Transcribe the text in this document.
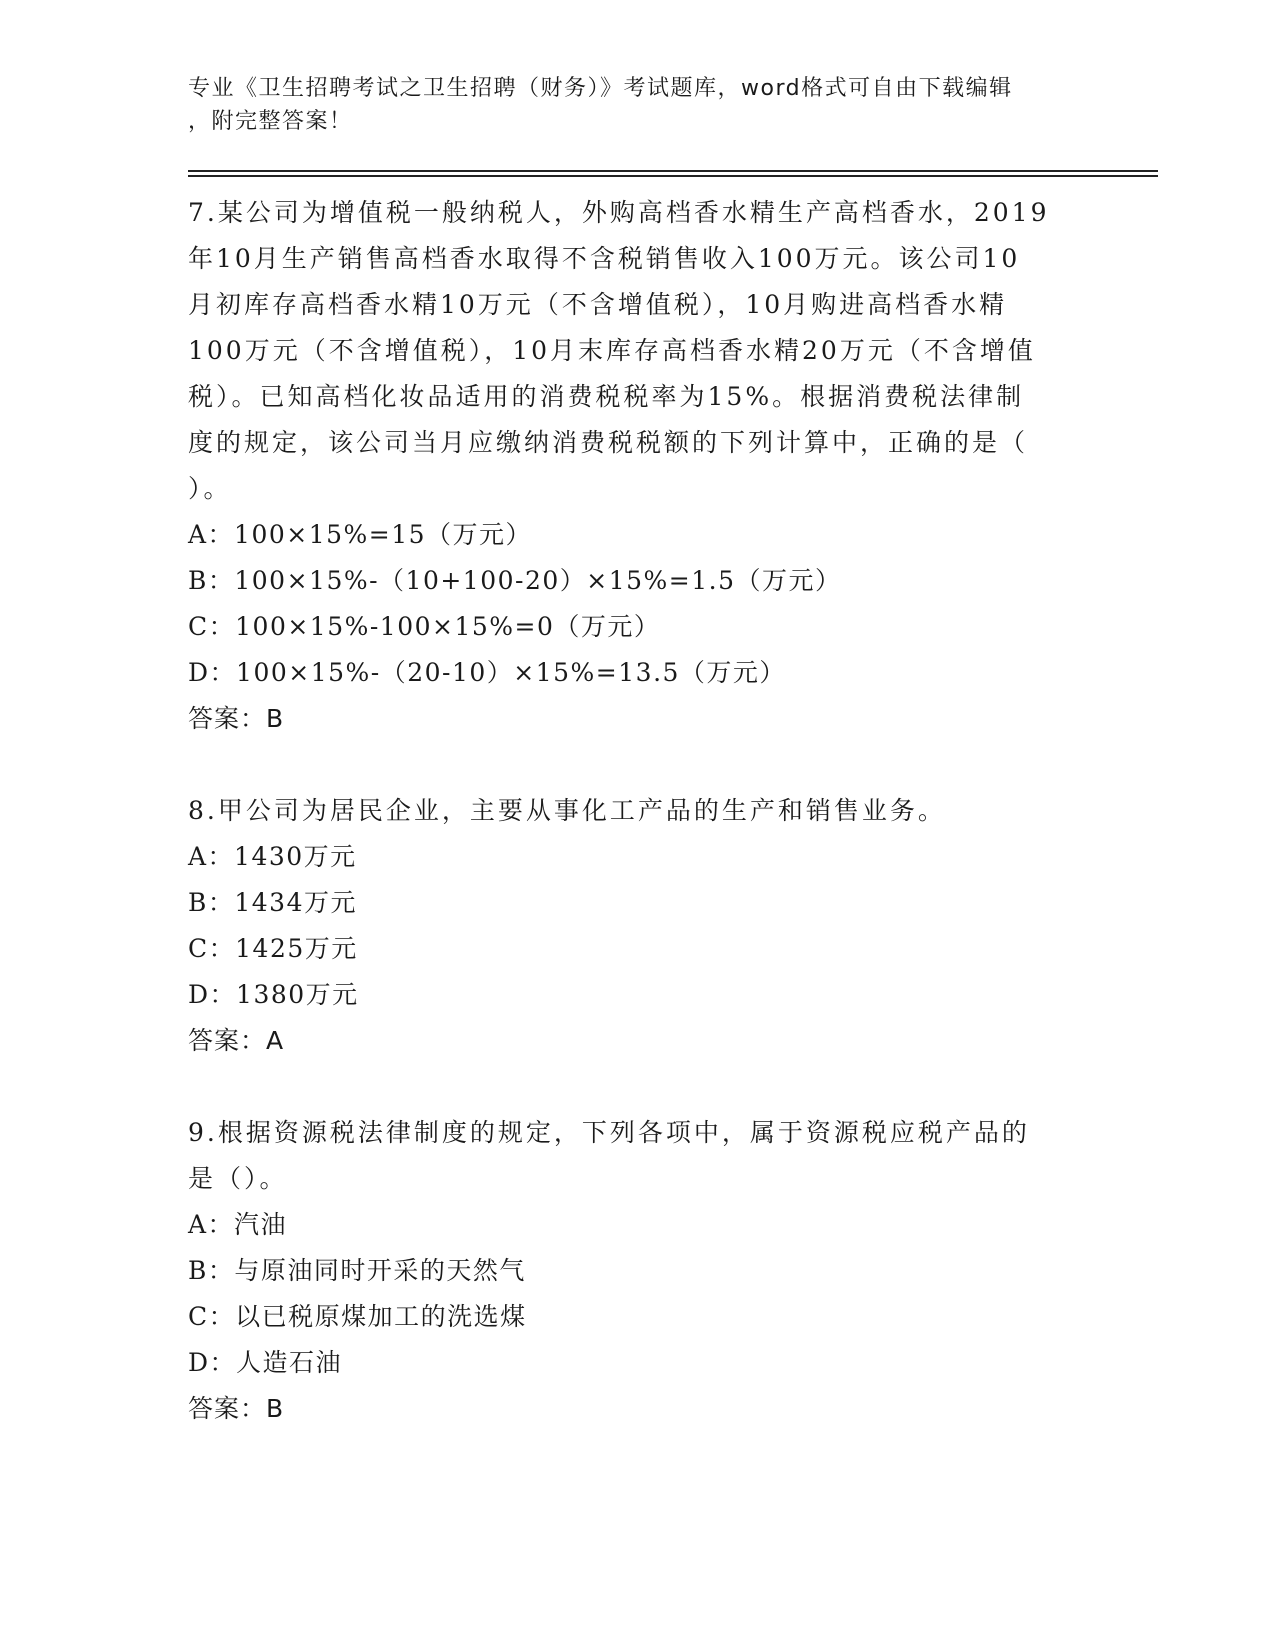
专业《卫生招聘考试之卫生招聘（财务）》考试题库，word格式可自由下载编辑
，附完整答案！

7.某公司为增值税一般纳税人，外购高档香水精生产高档香水，2019

年10月生产销售高档香水取得不含税销售收入100万元。该公司10

月初库存高档香水精10万元（不含增值税），10月购进高档香水精

100万元（不含增值税），10月末库存高档香水精20万元（不含增值

税）。已知高档化妆品适用的消费税税率为15%。根据消费税法律制

度的规定，该公司当月应缴纳消费税税额的下列计算中，正确的是（

）。

A：100×15%=15（万元）

B：100×15%-（10+100-20）×15%=1.5（万元）

C：100×15%-100×15%=0（万元）

D：100×15%-（20-10）×15%=13.5（万元）

答案：B

8.甲公司为居民企业，主要从事化工产品的生产和销售业务。

A：1430万元

B：1434万元

C：1425万元

D：1380万元

答案：A

9.根据资源税法律制度的规定，下列各项中，属于资源税应税产品的

是（）。

A：汽油

B：与原油同时开采的天然气

C：以已税原煤加工的洗选煤

D：人造石油

答案：B
